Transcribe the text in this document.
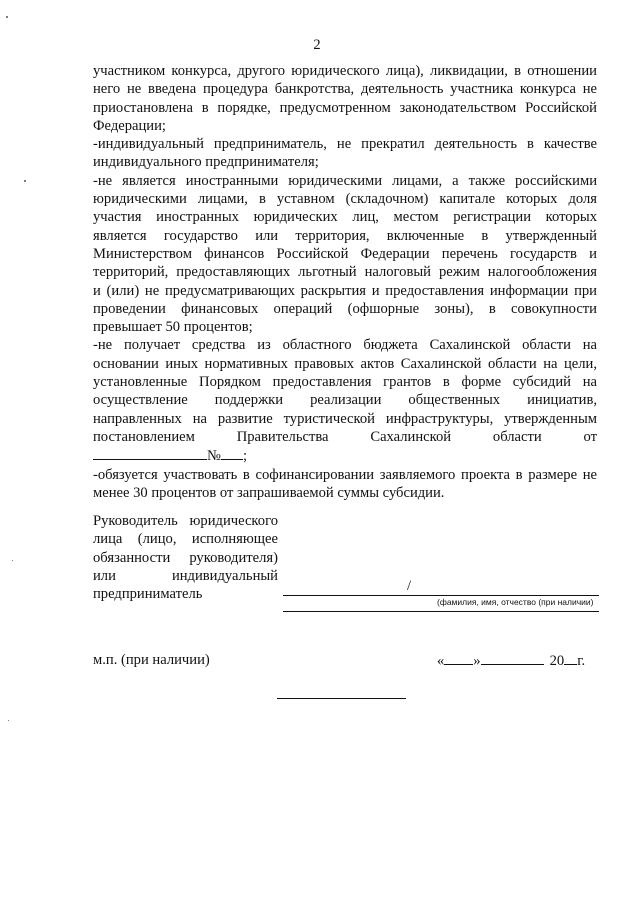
2

участником конкурса, другого юридического лица), ликвидации, в отношении
него не введена процедура банкротства, деятельность участника конкурса не
приостановлена в порядке, предусмотренном законодательством Российской
Федерации;

-индивидуальный предприниматель, не прекратил деятельность в качестве
индивидуального предпринимателя;

-не является иностранными юридическими лицами, а также российскими
юридическими лицами, в уставном (складочном) капитале которых доля
участия иностранных юридических лиц, местом регистрации которых
является государство или территория, включенные в утвержденный
Министерством финансов Российской Федерации перечень государств и
территорий, предоставляющих льготный налоговый режим налогообложения
и (или) не предусматривающих раскрытия и предоставления информации при
проведении финансовых операций (офшорные зоны), в совокупности
превышает 50 процентов;

-не получает средства из областного бюджета Сахалинской области на
основании иных нормативных правовых актов Сахалинской области на цели,
установленные Порядком предоставления грантов в форме субсидий на
осуществление поддержки реализации общественных инициатив,
направленных на развитие туристической инфраструктуры, утвержденным
постановлением Правительства Сахалинской области от
№ ;

-обязуется участвовать в софинансировании заявляемого проекта в размере не
менее 30 процентов от запрашиваемой суммы субсидии.

Руководитель юридического
лица (лицо, исполняющее
обязанности руководителя)
или индивидуальный
предприниматель
/
(фамилия, имя, отчество (при наличии)
м.п. (при наличии)	« »	20 г.
